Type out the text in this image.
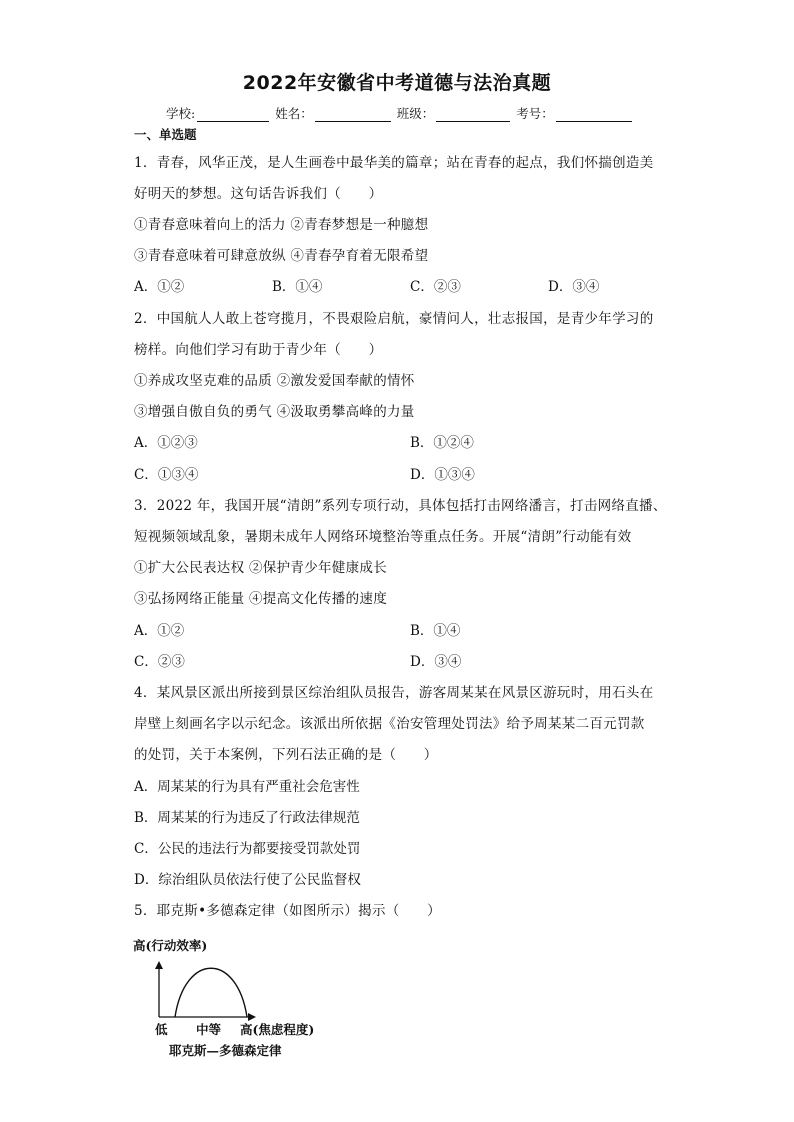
2022年安徽省中考道德与法治真题
学校:	姓名：	班级：	考号：
一、单选题
1．青春，风华正茂，是人生画卷中最华美的篇章；站在青春的起点，我们怀揣创造美
好明天的梦想。这句话告诉我们（　　）
①青春意味着向上的活力 ②青春梦想是一种臆想
③青春意味着可肆意放纵 ④青春孕育着无限希望
A．①②	B．①④	C．②③	D．③④
2．中国航人人敢上苍穹揽月，不畏艰险启航，豪情问人，壮志报国，是青少年学习的
榜样。向他们学习有助于青少年（　　）
①养成攻坚克难的品质 ②激发爱国奉献的情怀
③增强自傲自负的勇气 ④汲取勇攀高峰的力量
A．①②③	B．①②④
C．①③④	D．①③④
3．2022 年，我国开展“清朗”系列专项行动，具体包括打击网络潘言，打击网络直播、
短视频领域乱象，暑期未成年人网络环境整治等重点任务。开展“清朗”行动能有效
①扩大公民表达权 ②保护青少年健康成长
③弘扬网络正能量 ④提高文化传播的速度
A．①②	B．①④
C．②③	D．③④
4．某风景区派出所接到景区综治组队员报告，游客周某某在风景区游玩时，用石头在
岸壁上刻画名字以示纪念。该派出所依据《治安管理处罚法》给予周某某二百元罚款
的处罚，关于本案例，下列石法正确的是（　　）
A．周某某的行为具有严重社会危害性
B．周某某的行为违反了行政法律规范
C．公民的违法行为都要接受罚款处罚
D．综治组队员依法行使了公民监督权
5．耶克斯•多德森定律（如图所示）揭示（　　）
高(行动效率)
低 中等 高(焦虑程度)
耶克斯—多德森定律
